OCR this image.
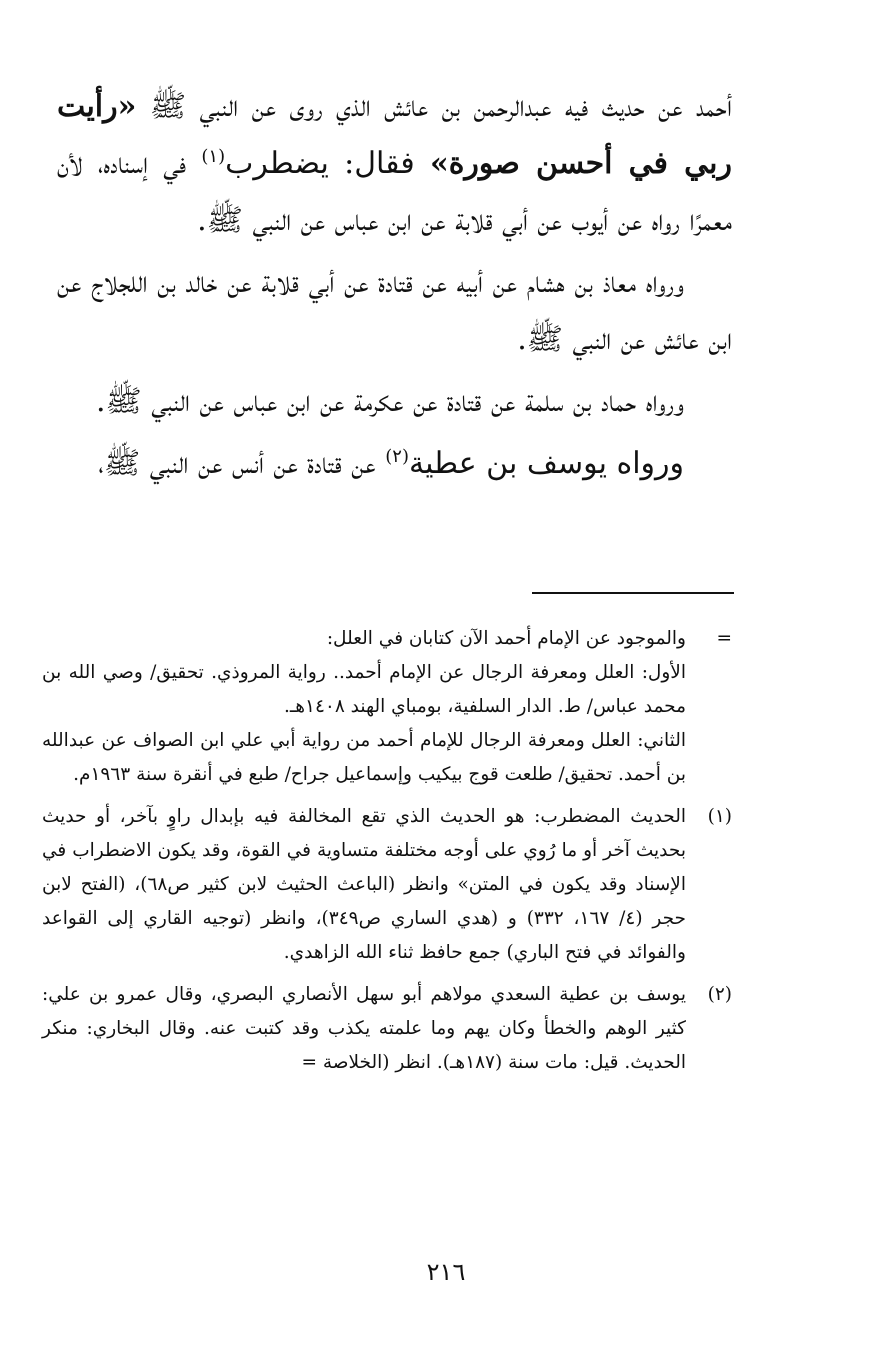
أحمد عن حديث فيه عبدالرحمن بن عائش الذي روى عن النبي ﷺ «رأيت ربي في أحسن صورة» فقال: يضطرب$^{(١)}$ في إسناده، لأن معمرًا رواه عن أيوب عن أبي قلابة عن ابن عباس عن النبي ﷺ.

ورواه معاذ بن هشام عن أبيه عن قتادة عن أبي قلابة عن خالد بن اللجلاج عن ابن عائش عن النبي ﷺ.

ورواه حماد بن سلمة عن قتادة عن عكرمة عن ابن عباس عن النبي ﷺ.

ورواه يوسف بن عطية$^{(٢)}$ عن قتادة عن أنس عن النبي ﷺ،

=

والموجود عن الإمام أحمد الآن كتابان في العلل:

الأول: العلل ومعرفة الرجال عن الإمام أحمد.. رواية المروذي. تحقيق/ وصي الله بن محمد عباس/ ط. الدار السلفية، بومباي الهند ١٤٠٨هـ.

الثاني: العلل ومعرفة الرجال للإمام أحمد من رواية أبي علي ابن الصواف عن عبدالله بن أحمد. تحقيق/ طلعت قوج بيكيب وإسماعيل جراح/ طبع في أنقرة سنة ١٩٦٣م.

(١)

الحديث المضطرب: هو الحديث الذي تقع المخالفة فيه بإبدال راوٍ بآخر، أو حديث بحديث آخر أو ما رُوي على أوجه مختلفة متساوية في القوة، وقد يكون الاضطراب في الإسناد وقد يكون في المتن» وانظر (الباعث الحثيث لابن كثير ص٦٨)، (الفتح لابن حجر (٤/ ١٦٧، ٣٣٢) و (هدي الساري ص٣٤٩)، وانظر (توجيه القاري إلى القواعد والفوائد في فتح الباري) جمع حافظ ثناء الله الزاهدي.

(٢)

يوسف بن عطية السعدي مولاهم أبو سهل الأنصاري البصري، وقال عمرو بن علي: كثير الوهم والخطأ وكان يهم وما علمته يكذب وقد كتبت عنه. وقال البخاري: منكر الحديث. قيل: مات سنة (١٨٧هـ). انظر (الخلاصة =

٢١٦
